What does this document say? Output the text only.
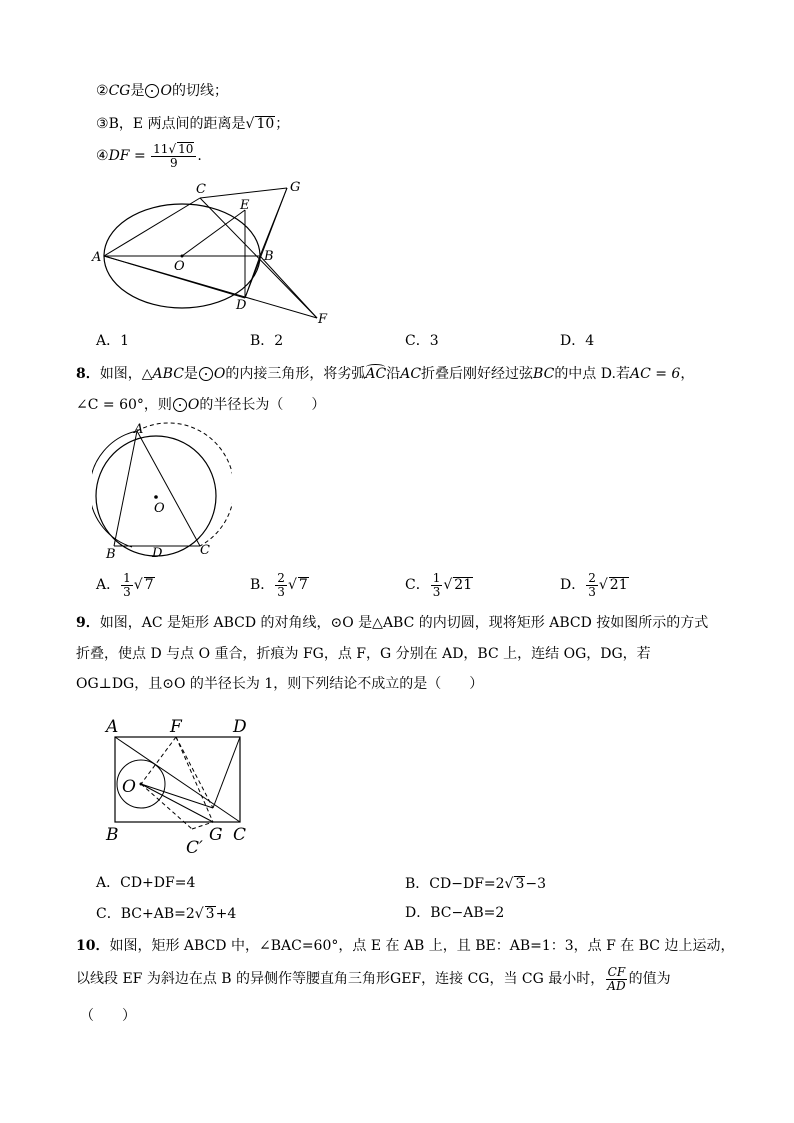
②CG是 O的切线；
③B，E 两点间的距离是√ 10；
④ DF = $\frac{11√ 10}{9}$ .
A
C	G
E
O
B
D
F
A．1	B．2	C．3	D．4
8．如图，△ABC是 O的内接三角形，将劣弧AC沿AC折叠后刚好经过弦BC的中点 D.若AC = 6，
∠C = 60°，则 O的半径长为（　　）
A
O
B	D	C
A． $\frac{1}{3}$ √ 7	B． $\frac{2}{3}$ √ 7	C． $\frac{1}{3}$ √ 21	D． $\frac{2}{3}$ √ 21
9．如图，AC 是矩形 ABCD 的对角线，⊙O 是△ABC 的内切圆，现将矩形 ABCD 按如图所示的方式
折叠，使点 D 与点 O 重合，折痕为 FG，点 F，G 分别在 AD，BC 上，连结 OG，DG，若
OG⊥DG，且⊙O 的半径长为 1，则下列结论不成立的是（　　）
A	F	D
O
B	G C
C′
A．CD+DF=4	B．CD−DF=2√ 3−3
C．BC+AB=2√ 3+4	D．BC−AB=2
10．如图，矩形 ABCD 中，∠BAC=60°，点 E 在 AB 上，且 BE：AB=1：3，点 F 在 BC 边上运动，
以线段 EF 为斜边在点 B 的异侧作等腰直角三角形GEF，连接 CG，当 CG 最小时， $\frac{CF}{AD}$ 的值为
（　　）
